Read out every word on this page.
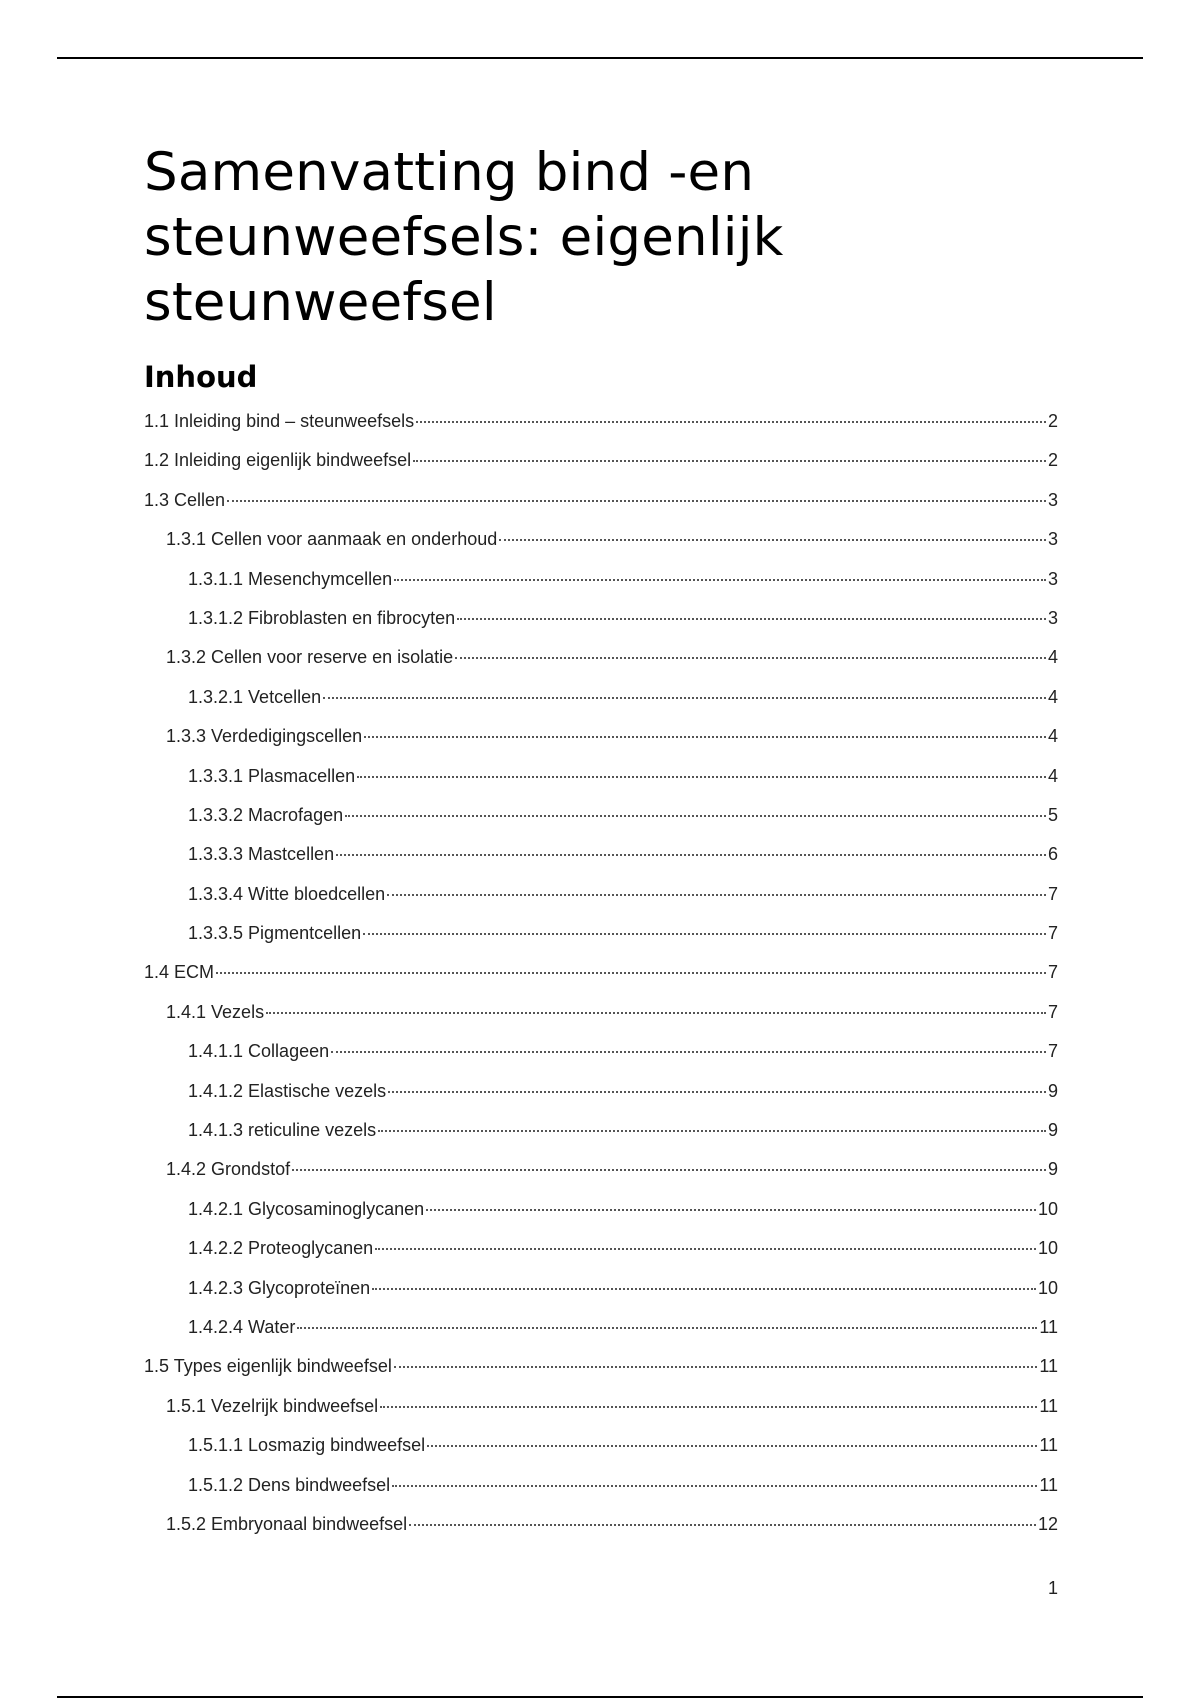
Samenvatting bind -en steunweefsels: eigenlijk steunweefsel
Inhoud
1.1 Inleiding bind – steunweefsels	2
1.2 Inleiding eigenlijk bindweefsel	2
1.3 Cellen	3
1.3.1 Cellen voor aanmaak en onderhoud	3
1.3.1.1 Mesenchymcellen	3
1.3.1.2 Fibroblasten en fibrocyten	3
1.3.2 Cellen voor reserve en isolatie	4
1.3.2.1 Vetcellen	4
1.3.3 Verdedigingscellen	4
1.3.3.1 Plasmacellen	4
1.3.3.2 Macrofagen	5
1.3.3.3 Mastcellen	6
1.3.3.4 Witte bloedcellen	7
1.3.3.5 Pigmentcellen	7
1.4 ECM	7
1.4.1 Vezels	7
1.4.1.1 Collageen	7
1.4.1.2 Elastische vezels	9
1.4.1.3 reticuline vezels	9
1.4.2 Grondstof	9
1.4.2.1 Glycosaminoglycanen	10
1.4.2.2 Proteoglycanen	10
1.4.2.3 Glycoproteïnen	10
1.4.2.4 Water	11
1.5 Types eigenlijk bindweefsel	11
1.5.1 Vezelrijk bindweefsel	11
1.5.1.1 Losmazig bindweefsel	11
1.5.1.2 Dens bindweefsel	11
1.5.2 Embryonaal bindweefsel	12
1
